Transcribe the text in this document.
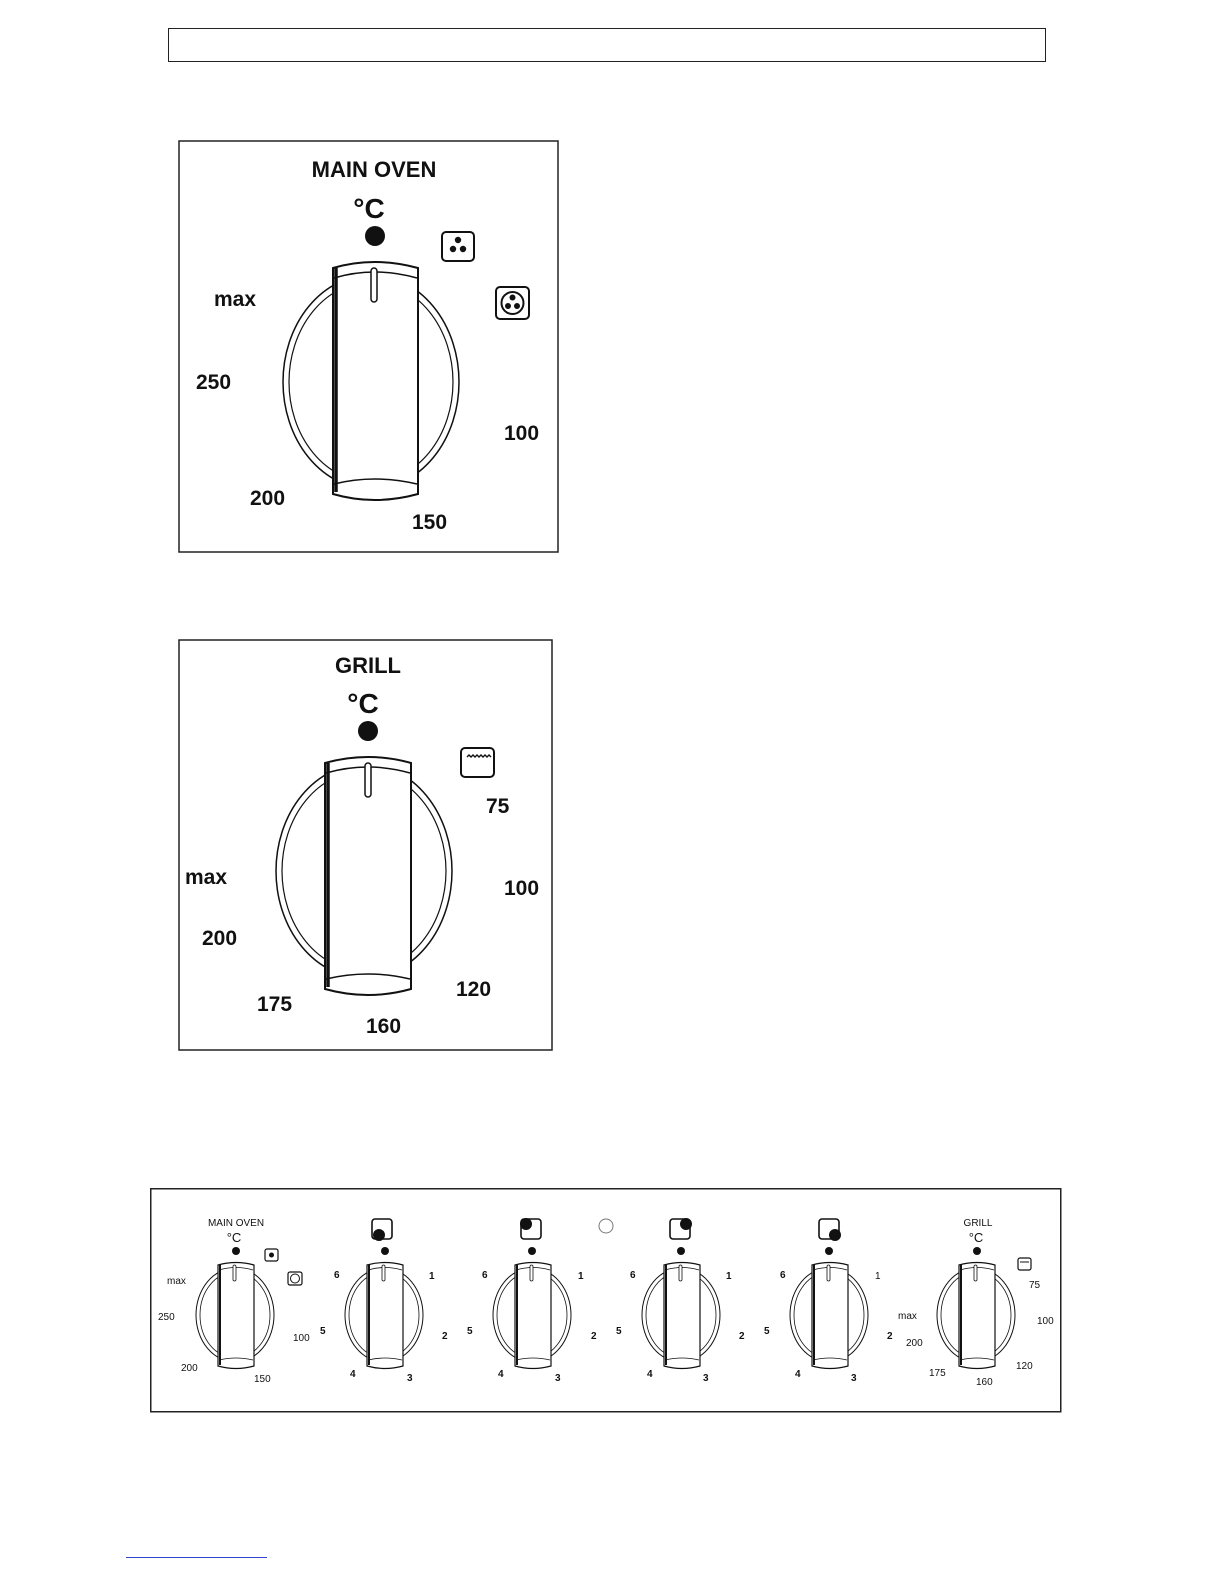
MAIN OVEN
°C
max
250
200
150
100
GRILL
°C
75
100
120
160
175
200
max
MAIN OVEN
°C
max
250
200
150
100
6	1
5	2
4	3
6	1
5	2
4	3
6	1
5	2
4	3
6	1
5	2
4	3
GRILL
°C
75
100
120
160
175
200
max
